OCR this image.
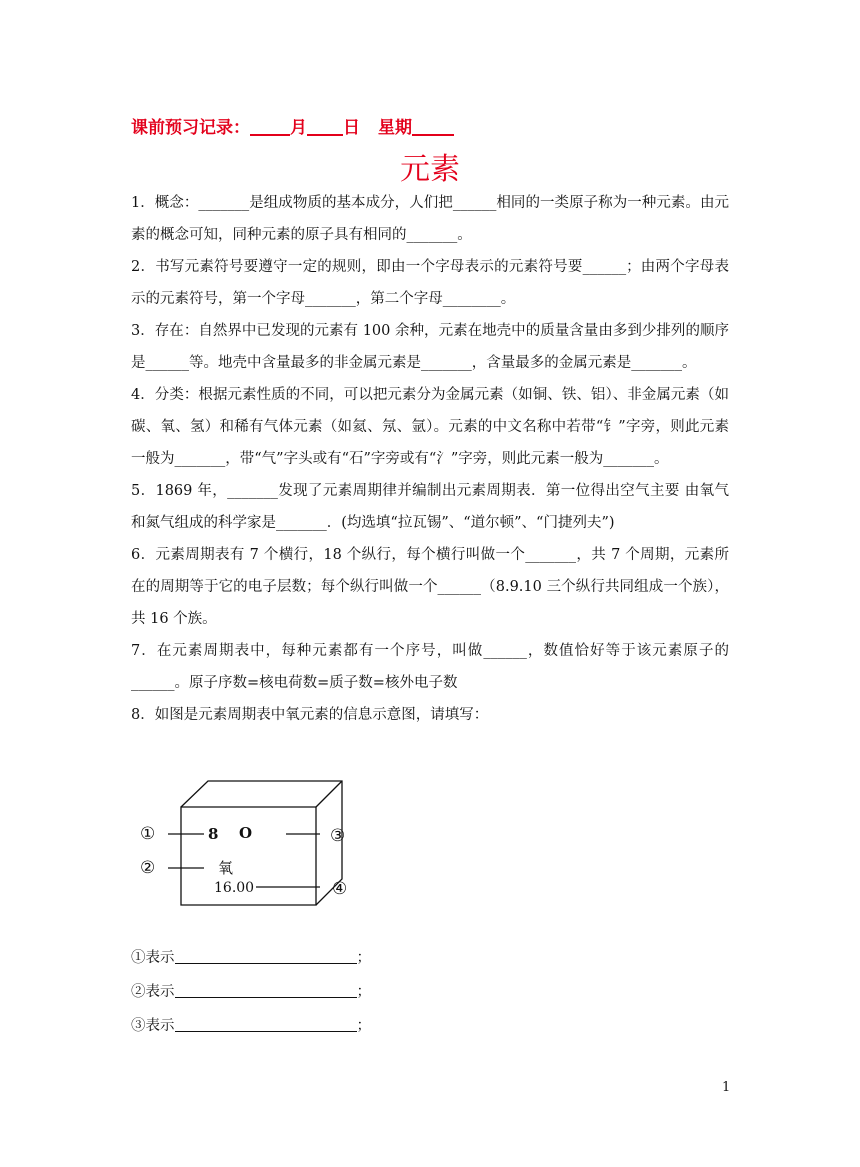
课前预习记录： 月 日 星期
元素

1．概念：_______是组成物质的基本成分，人们把______相同的一类原子称为一种元素。由元素的概念可知，同种元素的原子具有相同的_______。

2．书写元素符号要遵守一定的规则，即由一个字母表示的元素符号要______；由两个字母表示的元素符号，第一个字母_______，第二个字母________。

3．存在：自然界中已发现的元素有 100 余种，元素在地壳中的质量含量由多到少排列的顺序是______等。地壳中含量最多的非金属元素是_______，含量最多的金属元素是_______。

4．分类：根据元素性质的不同，可以把元素分为金属元素（如铜、铁、铝）、非金属元素（如碳、氧、氢）和稀有气体元素（如氦、氖、氩）。元素的中文名称中若带“钅”字旁，则此元素一般为_______，带“气”字头或有“石”字旁或有“氵”字旁，则此元素一般为_______。

5．1869 年，_______发现了元素周期律并编制出元素周期表．第一位得出空气主要 由氧气和氮气组成的科学家是_______．(均选填“拉瓦锡”、“道尔顿”、“门捷列夫”)

6．元素周期表有 7 个横行，18 个纵行，每个横行叫做一个_______，共 7 个周期，元素所在的周期等于它的电子层数；每个纵行叫做一个______（8.9.10 三个纵行共同组成一个族），共 16 个族。

7．在元素周期表中，每种元素都有一个序号，叫做______，数值恰好等于该元素原子的______。原子序数=核电荷数=质子数=核外电子数

8．如图是元素周期表中氧元素的信息示意图，请填写：

①
②
③
④
8 O
氧
16.00
①表示	；
②表示	；
③表示	；
1
